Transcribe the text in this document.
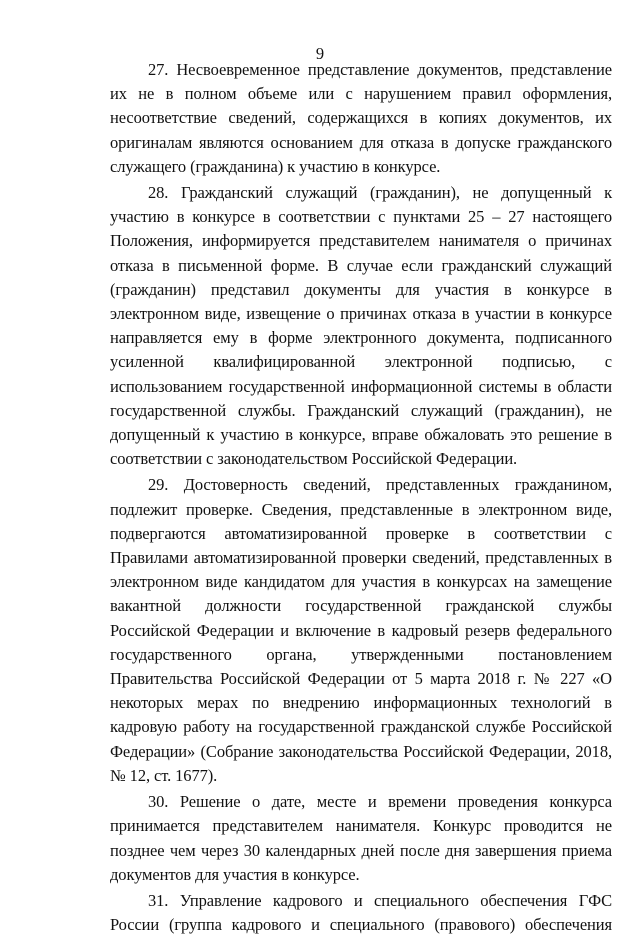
9

27. Несвоевременное представление документов, представление их не в полном объеме или с нарушением правил оформления, несоответствие сведений, содержащихся в копиях документов, их оригиналам являются основанием для отказа в допуске гражданского служащего (гражданина) к участию в конкурсе.

28. Гражданский служащий (гражданин), не допущенный к участию в конкурсе в соответствии с пунктами 25 – 27 настоящего Положения, информируется представителем нанимателя о причинах отказа в письменной форме. В случае если гражданский служащий (гражданин) представил документы для участия в конкурсе в электронном виде, извещение о причинах отказа в участии в конкурсе направляется ему в форме электронного документа, подписанного усиленной квалифицированной электронной подписью, с использованием государственной информационной системы в области государственной службы. Гражданский служащий (гражданин), не допущенный к участию в конкурсе, вправе обжаловать это решение в соответствии с законодательством Российской Федерации.

29. Достоверность сведений, представленных гражданином, подлежит проверке. Сведения, представленные в электронном виде, подвергаются автоматизированной проверке в соответствии с Правилами автоматизированной проверки сведений, представленных в электронном виде кандидатом для участия в конкурсах на замещение вакантной должности государственной гражданской службы Российской Федерации и включение в кадровый резерв федерального государственного органа, утвержденными постановлением Правительства Российской Федерации от 5 марта 2018 г. № 227 «О некоторых мерах по внедрению информационных технологий в кадровую работу на государственной гражданской службе Российской Федерации» (Собрание законодательства Российской Федерации, 2018, № 12, ст. 1677).

30. Решение о дате, месте и времени проведения конкурса принимается представителем нанимателя. Конкурс проводится не позднее чем через 30 календарных дней после дня завершения приема документов для участия в конкурсе.

31. Управление кадрового и специального обеспечения ГФС России (группа кадрового и специального (правового) обеспечения
